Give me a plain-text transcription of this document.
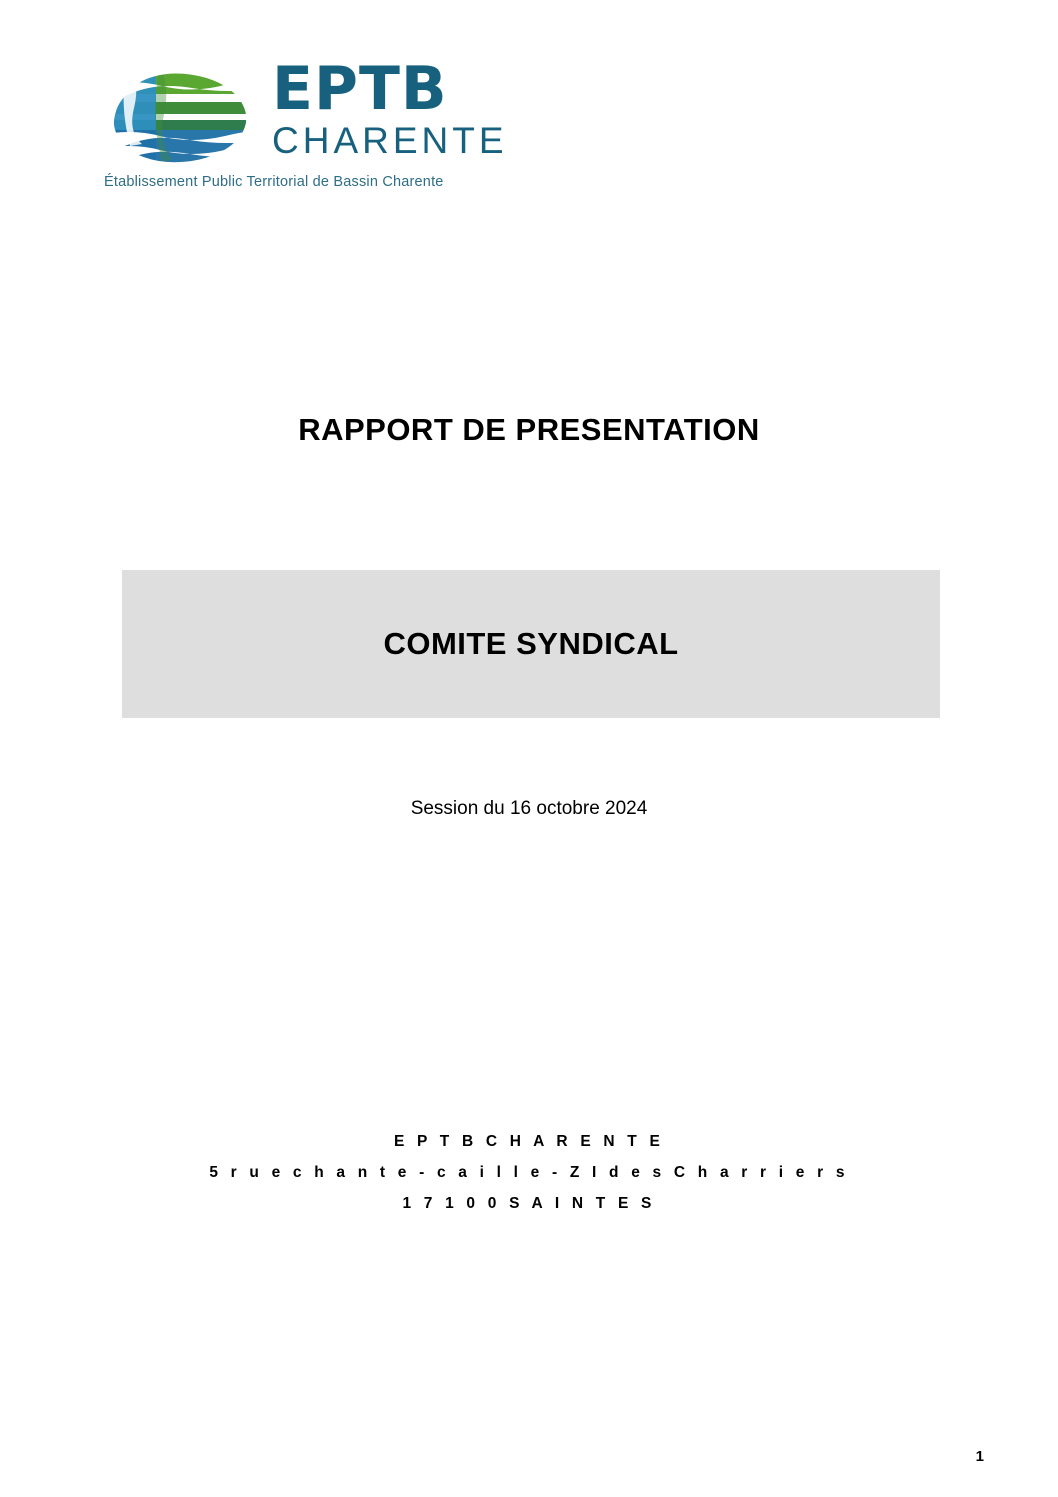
EPTB
CHARENTE
Établissement Public Territorial de Bassin Charente
RAPPORT DE PRESENTATION
COMITE SYNDICAL
Session du 16 octobre 2024
E P T B C H A R E N T E
5 r u e c h a n t e - c a i l l e - Z I d e s C h a r r i e r s
1 7 1 0 0 S A I N T E S
1
